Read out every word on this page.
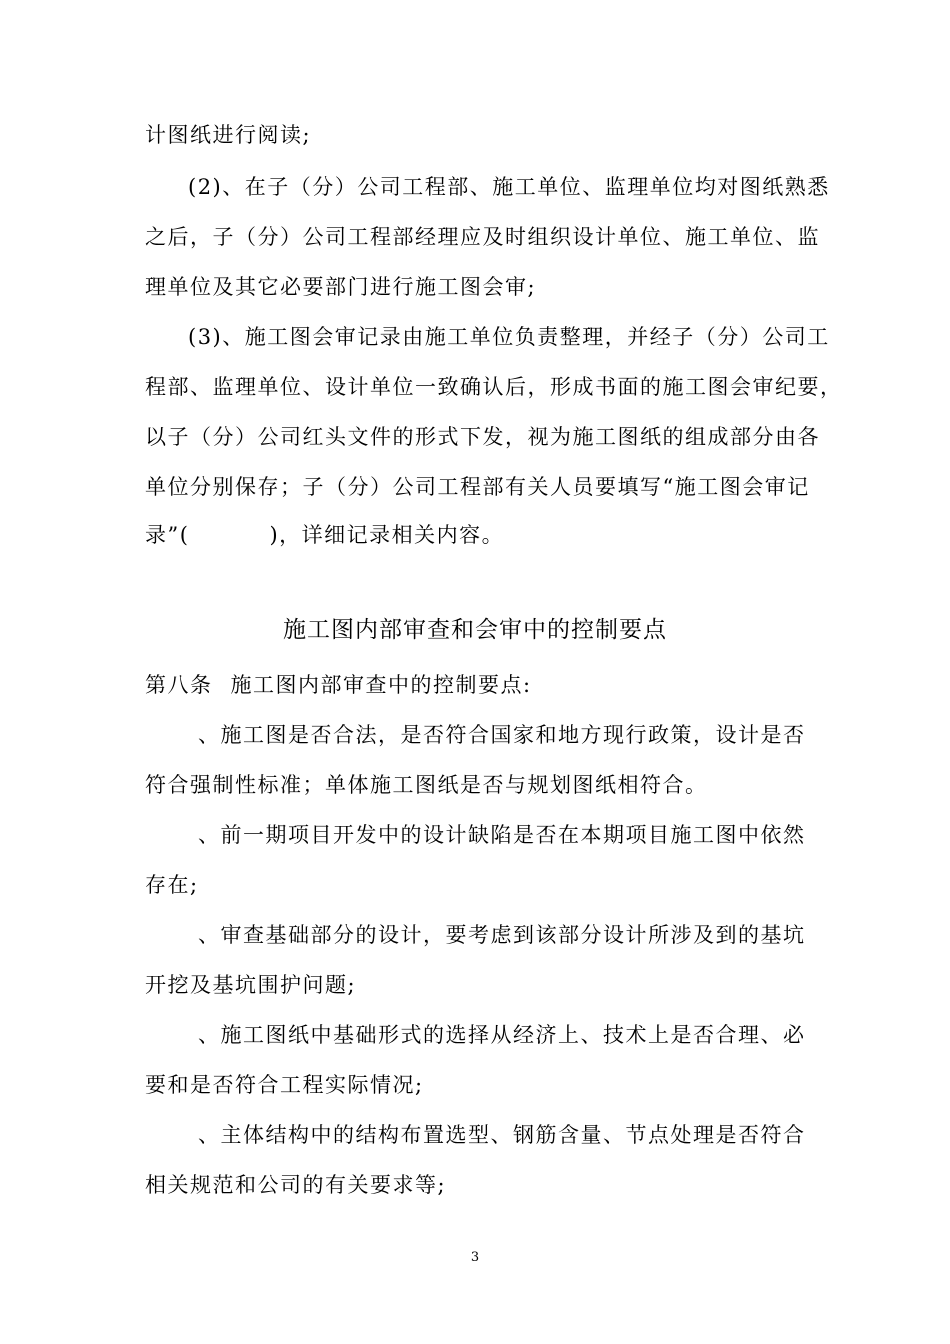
计图纸进行阅读;
(2)、在子（分）公司工程部、施工单位、监理单位均对图纸熟悉
之后，子（分）公司工程部经理应及时组织设计单位、施工单位、监
理单位及其它必要部门进行施工图会审;
(3)、施工图会审记录由施工单位负责整理，并经子（分）公司工
程部、监理单位、设计单位一致确认后，形成书面的施工图会审纪要，
以子（分）公司红头文件的形式下发，视为施工图纸的组成部分由各
单位分别保存；子（分）公司工程部有关人员要填写“施工图会审记
录”(	)，详细记录相关内容。
施工图内部审查和会审中的控制要点
第八条 施工图内部审查中的控制要点:
、施工图是否合法，是否符合国家和地方现行政策，设计是否
符合强制性标准；单体施工图纸是否与规划图纸相符合。
、前一期项目开发中的设计缺陷是否在本期项目施工图中依然
存在;
、审查基础部分的设计，要考虑到该部分设计所涉及到的基坑
开挖及基坑围护问题;
、施工图纸中基础形式的选择从经济上、技术上是否合理、必
要和是否符合工程实际情况;
、主体结构中的结构布置选型、钢筋含量、节点处理是否符合
相关规范和公司的有关要求等;
3
